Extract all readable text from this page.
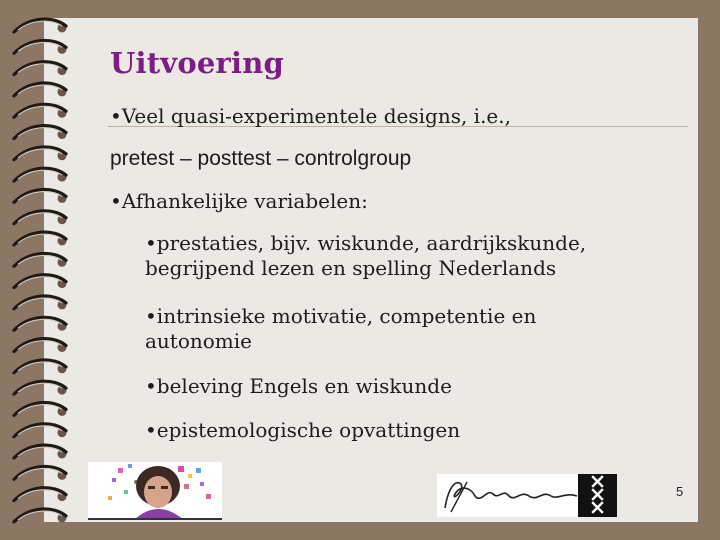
Uitvoering
•Veel quasi-experimentele designs, i.e.,
pretest – posttest – controlgroup
•Afhankelijke variabelen:
•prestaties, bijv. wiskunde, aardrijkskunde, begrijpend lezen en spelling Nederlands
•intrinsieke motivatie, competentie en autonomie
•beleving Engels en wiskunde
•epistemologische opvattingen
5
